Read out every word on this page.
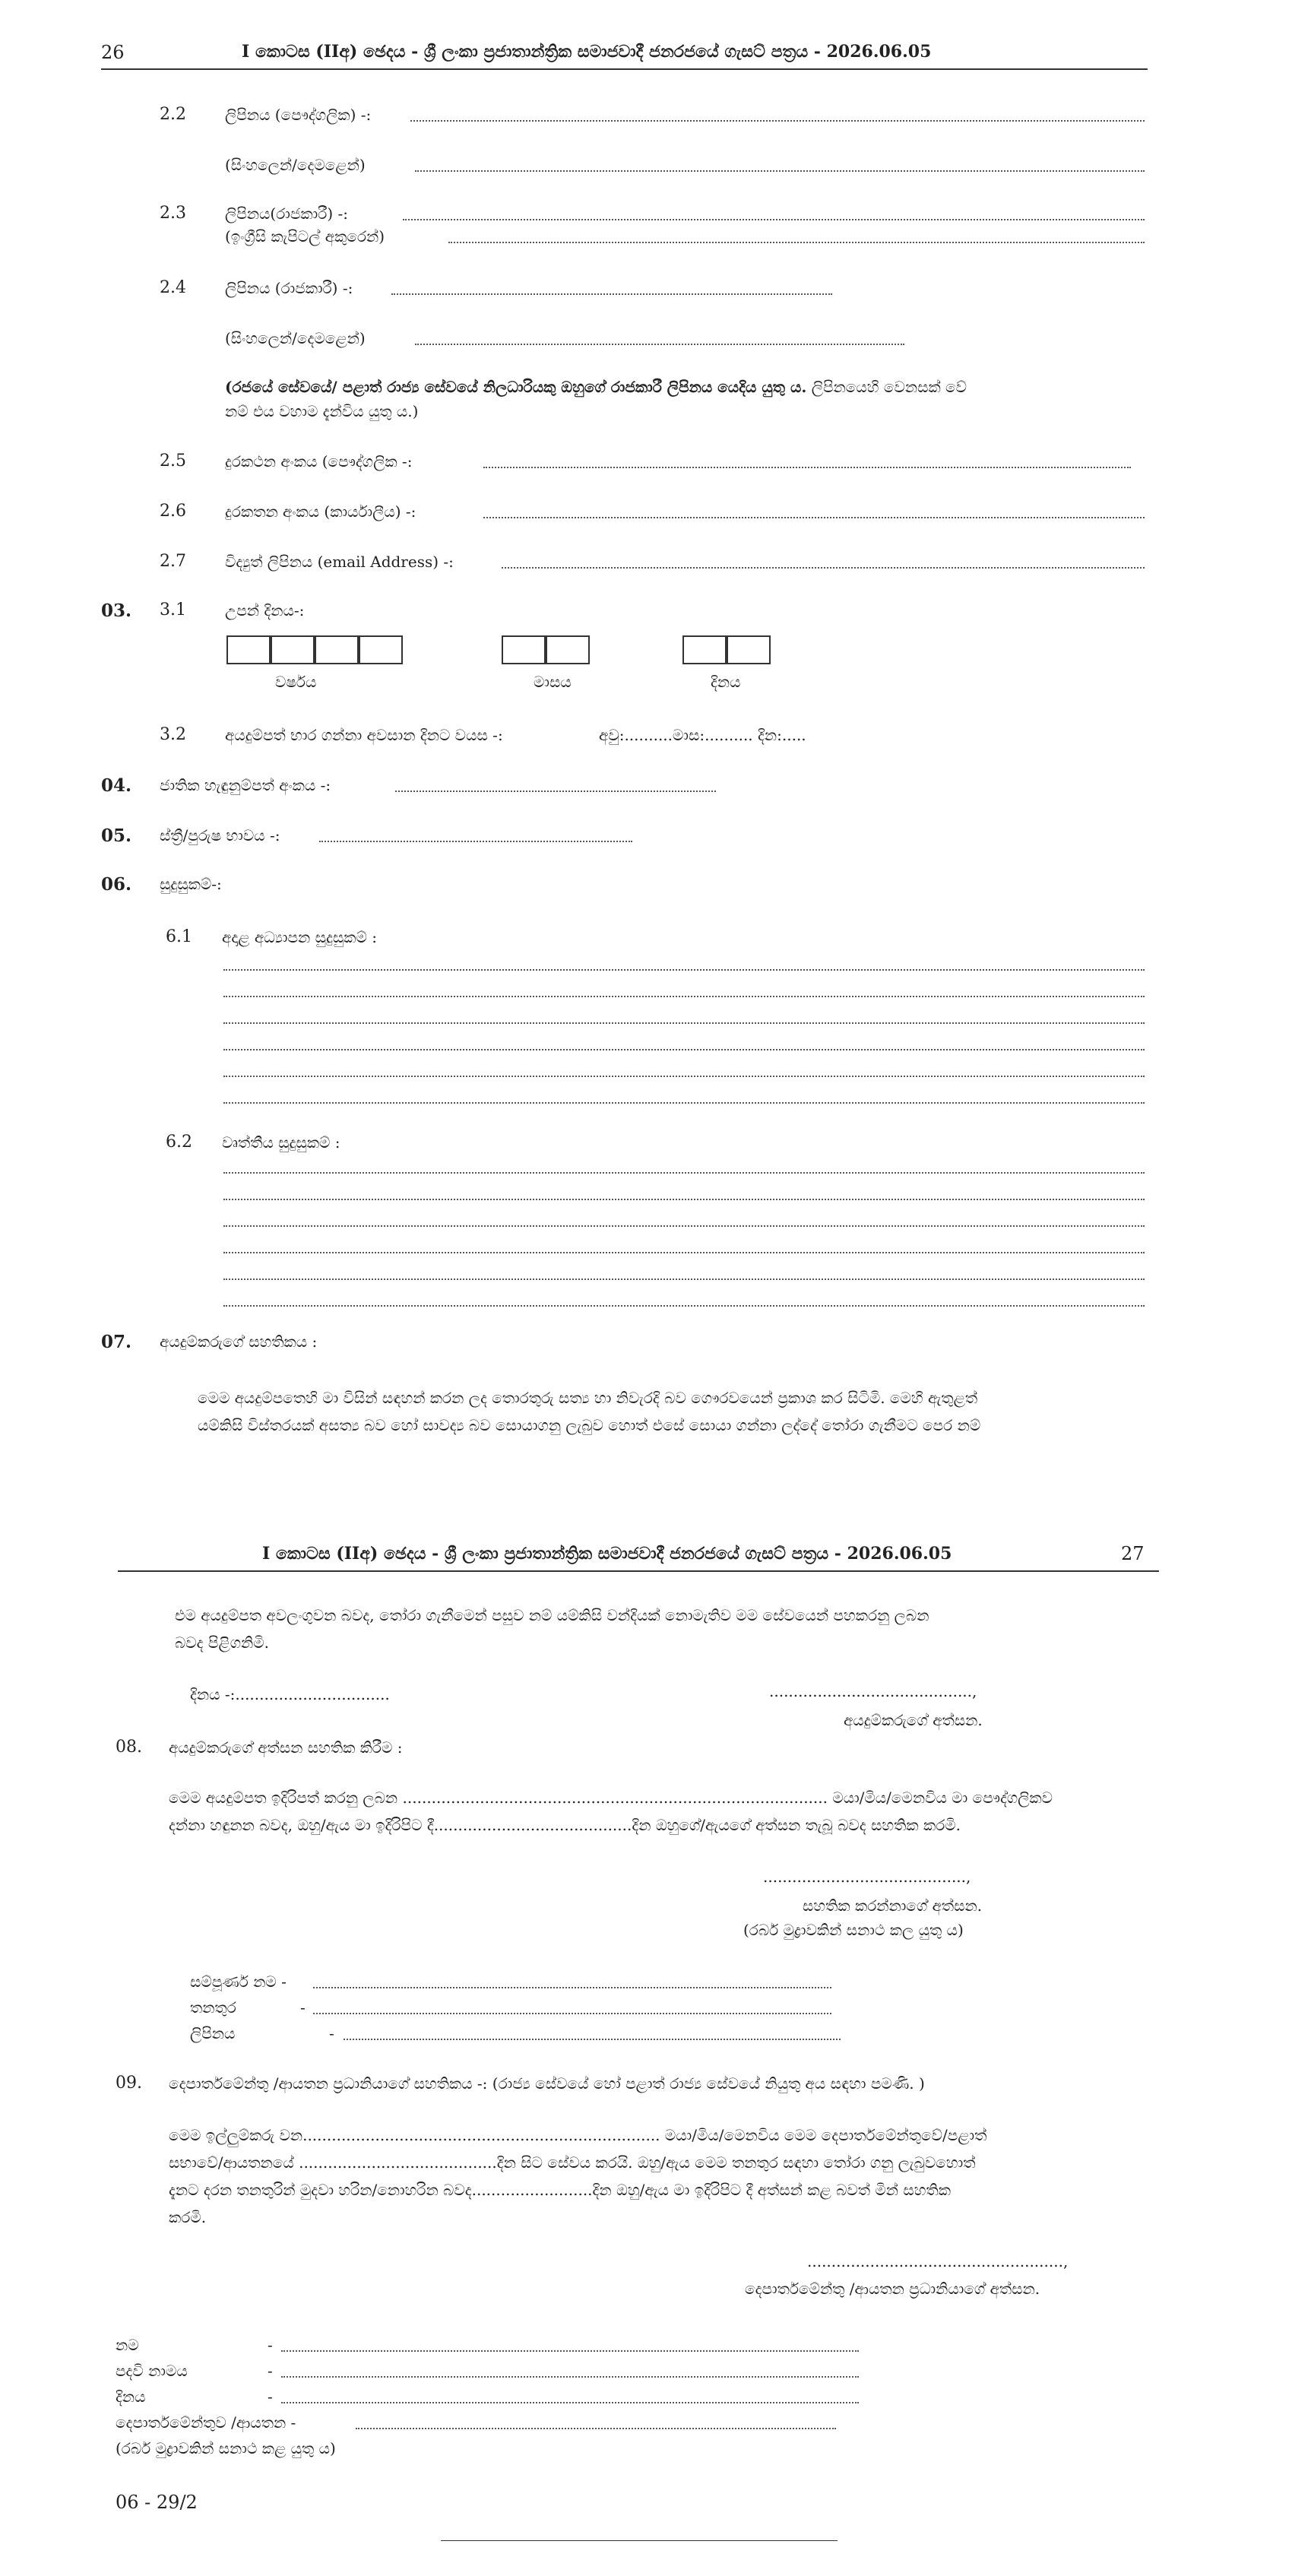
26	I කොටස (IIඅ) ඡෙදය - ශ්‍රී ලංකා ප්‍රජාතාන්ත්‍රික සමාජවාදී ජනරජයේ ගැසට් පත්‍රය - 2026.06.05
2.2	ලිපිනය (පෞද්ගලික) -:
(සිංහලෙන්/දෙමළෙන්)
2.3	ලිපිනය(රාජකාරී) -:
(ඉංග්‍රීසි කැපිටල් අකුරෙන්)
2.4	ලිපිනය (රාජකාරී) -:
(සිංහලෙන්/දෙමළෙන්)
(රජයේ සේවයේ/ පළාත් රාජ්‍ය සේවයේ නිලධාරියකු ඔහුගේ රාජකාරී ලිපිනය යෙදිය යුතු ය. ලිපිනයෙහි වෙනසක් වේ
නම් එය වහාම දැන්විය යුතු ය.)
2.5	දුරකථන අංකය (පෞද්ගලික -:
2.6	දුරකතන අංකය (කාර්යාලීය) -:
2.7	විද්‍යුත් ලිපිනය (email Address) -:
03. 3.1	උපන් දිනය-:
වර්ෂය	මාසය	දිනය
3.2	අයදුම්පත් භාර ගන්නා අවසාන දිනට වයස -:	අවු:..........මාස:.......... දින:.....
04. ජාතික හැඳුනුම්පත් අංකය -:
05. ස්ත්‍රී/පුරුෂ භාවය -:
06. සුදුසුකම්-:
6.1 අදාළ අධ්‍යාපන සුදුසුකම් :
6.2 වෘත්තීය සුදුසුකම් :
07. අයදුම්කරුගේ සහතිකය :
මෙම අයදුම්පතෙහි මා විසින් සඳහන් කරන ලද තොරතුරු සත්‍ය හා නිවැරදි බව ගෞරවයෙන් ප්‍රකාශ කර සිටිමි. මෙහි ඇතුළත්
යම්කිසි විස්තරයක් අසත්‍ය බව හෝ සාවද්‍ය බව සොයාගනු ලැබුව හොත් එසේ සොයා ගන්නා ලද්දේ තෝරා ගැනීමට පෙර නම්
I කොටස (IIඅ) ඡෙදය - ශ්‍රී ලංකා ප්‍රජාතාන්ත්‍රික සමාජවාදී ජනරජයේ ගැසට් පත්‍රය - 2026.06.05	27
එම අයදුම්පත අවලංගුවන බවද, තෝරා ගැනීමෙන් පසුව නම් යම්කිසි වන්දියක් නොමැතිව මම සේවයෙන් පහකරනු ලබන
බවද පිළිගනිමි.
දිනය -:................................	..........................................,
අයදුම්කරුගේ අත්සන.
08. අයදුම්කරුගේ අත්සන සහතික කිරීම :
මෙම අයදුම්පත ඉදිරිපත් කරනු ලබන ........................................................................................ මයා/මිය/මෙනවිය මා පෞද්ගලිකව
දන්නා හඳුනන බවද, ඔහු/ඇය මා ඉදිරිපිට දී.........................................දින ඔහුගේ/ඇයගේ අත්සන තැබූ බවද සහතික කරමි.
..........................................,
සහතික කරන්නාගේ අත්සන.
(රබර් මුද්‍රාවකින් සනාථ කල යුතු ය)
සම්පූර්ණ නම -
තනතුර	-
ලිපිනය	-
09. දෙපාර්තමේන්තු /ආයතන ප්‍රධානියාගේ සහතිකය -: (රාජ්‍ය සේවයේ හෝ පළාත් රාජ්‍ය සේවයේ නියුතු අය සඳහා පමණි. )
මෙම ඉල්ලුම්කරු වන.......................................................................... මයා/මිය/මෙනවිය මෙම දෙපාර්තමේන්තුවේ/පළාත්
සභාවේ/ආයතනයේ .........................................දින සිට සේවය කරයි. ඔහු/ඇය මෙම තනතුර සඳහා තෝරා ගනු ලැබුවහොත්
දැනට දරන තනතුරින් මුදවා හරින/නොහරින බවද.........................දින ඔහු/ඇය මා ඉදිරිපිට දී අත්සන් කළ බවත් මින් සහතික
කරමි.
.....................................................,
දෙපාර්තමේන්තු /ආයතන ප්‍රධානියාගේ අත්සන.
නම	-
පදවි නාමය	-
දිනය	-
දෙපාර්තමේන්තුව /ආයතන -
(රබර් මුද්‍රාවකින් සනාථ කළ යුතු ය)
06 - 29/2
